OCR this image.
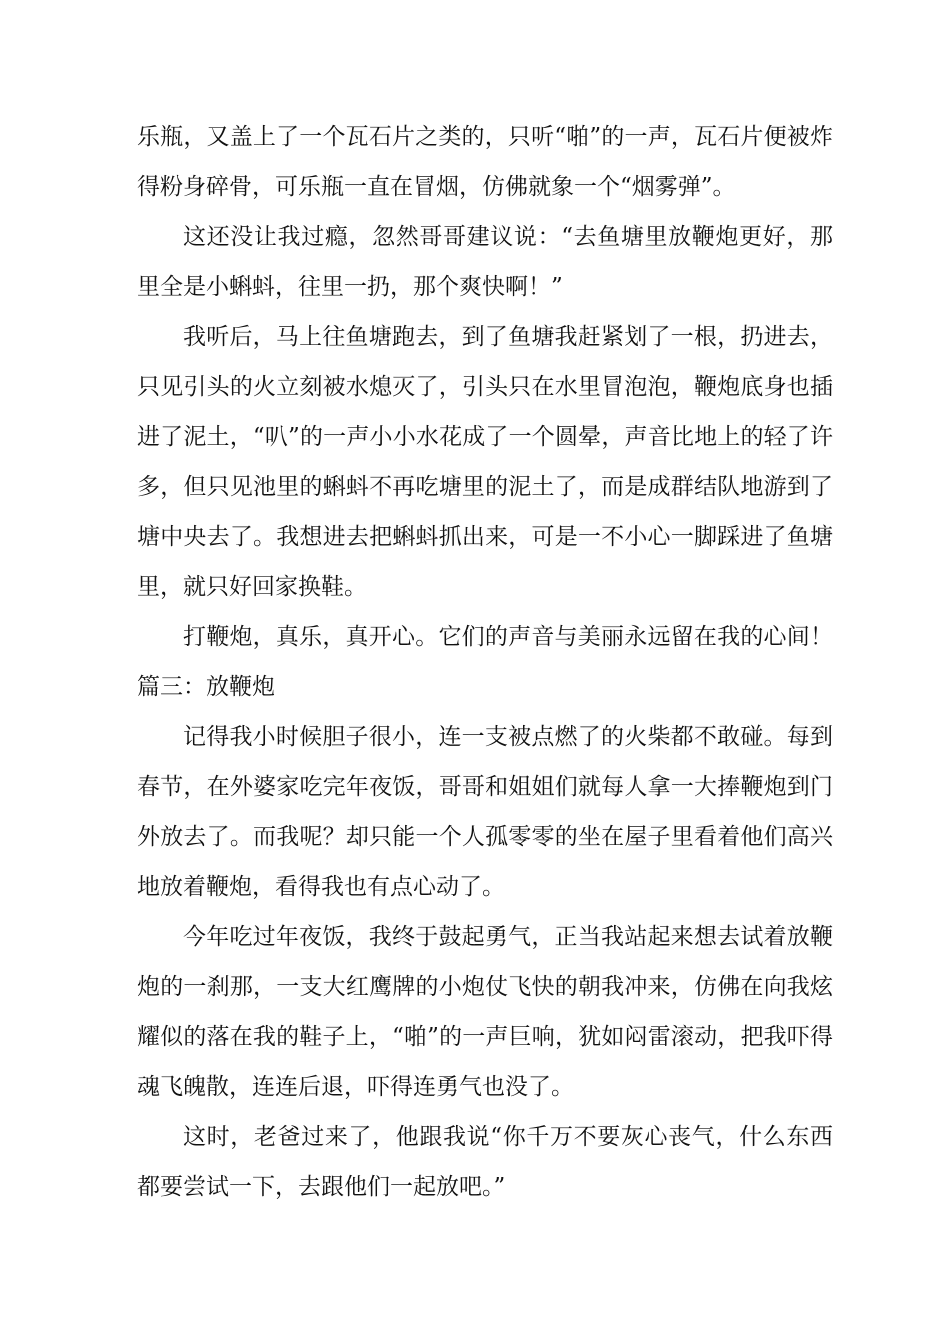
乐瓶，又盖上了一个瓦石片之类的，只听“啪”的一声，瓦石片便被炸得粉身碎骨，可乐瓶一直在冒烟，仿佛就象一个“烟雾弹”。

这还没让我过瘾，忽然哥哥建议说：“去鱼塘里放鞭炮更好，那里全是小蝌蚪，往里一扔，那个爽快啊！”

我听后，马上往鱼塘跑去，到了鱼塘我赶紧划了一根，扔进去，只见引头的火立刻被水熄灭了，引头只在水里冒泡泡，鞭炮底身也插进了泥土，“叭”的一声小小水花成了一个圆晕，声音比地上的轻了许多，但只见池里的蝌蚪不再吃塘里的泥土了，而是成群结队地游到了塘中央去了。我想进去把蝌蚪抓出来，可是一不小心一脚踩进了鱼塘里，就只好回家换鞋。

打鞭炮，真乐，真开心。它们的声音与美丽永远留在我的心间！篇三：放鞭炮

记得我小时候胆子很小，连一支被点燃了的火柴都不敢碰。每到春节，在外婆家吃完年夜饭，哥哥和姐姐们就每人拿一大捧鞭炮到门外放去了。而我呢？却只能一个人孤零零的坐在屋子里看着他们高兴地放着鞭炮，看得我也有点心动了。

今年吃过年夜饭，我终于鼓起勇气，正当我站起来想去试着放鞭炮的一刹那，一支大红鹰牌的小炮仗飞快的朝我冲来，仿佛在向我炫耀似的落在我的鞋子上，“啪”的一声巨响，犹如闷雷滚动，把我吓得魂飞魄散，连连后退，吓得连勇气也没了。

这时，老爸过来了，他跟我说“你千万不要灰心丧气，什么东西都要尝试一下，去跟他们一起放吧。”
